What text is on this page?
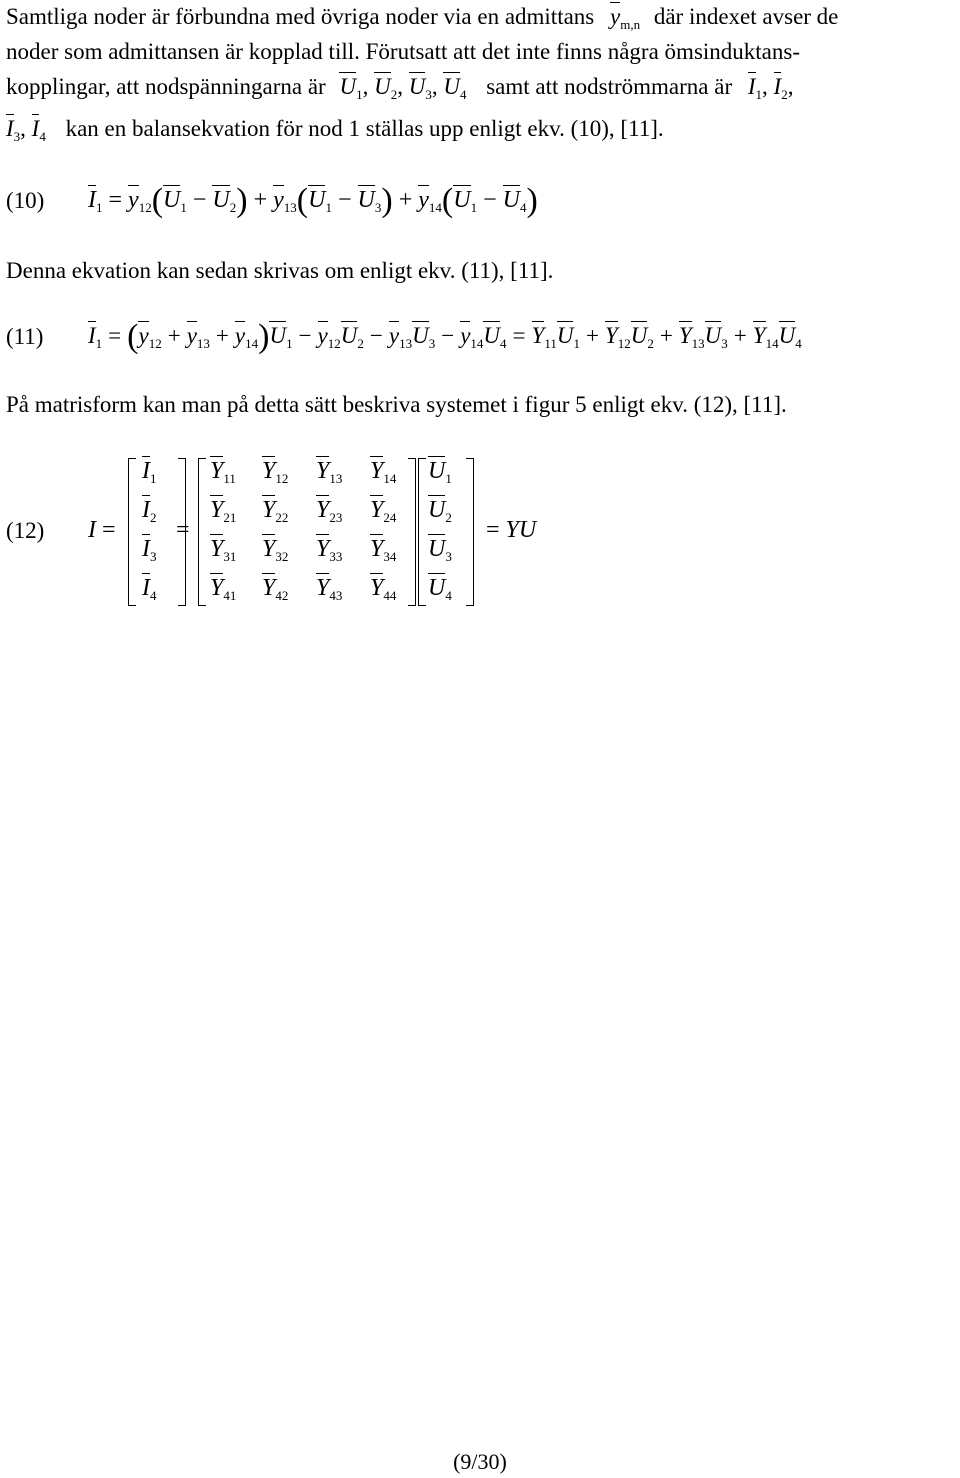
Samtliga noder är förbundna med övriga noder via en admittans $y_{m,n}$ där indexet avser de
noder som admittansen är kopplad till. Förutsatt att det inte finns några ömsinduktans-
kopplingar, att nodspänningarna är $U_1$, $U_2$, $U_3$, $U_4$ samt att nodströmmarna är $I_1$, $I_2$,
$I_3$, $I_4$ kan en balansekvation för nod 1 ställas upp enligt ekv. (10), [11].
(10) $I_1 = y_{12}(U_1 - U_2) + y_{13}(U_1 - U_3) + y_{14}(U_1 - U_4)$
Denna ekvation kan sedan skrivas om enligt ekv. (11), [11].
(11) $I_1 = (y_{12} + y_{13} + y_{14})U_1 - y_{12}U_2 - y_{13}U_3 - y_{14}U_4 = Y_{11}U_1 + Y_{12}U_2 + Y_{13}U_3 + Y_{14}U_4$
På matrisform kan man på detta sätt beskriva systemet i figur 5 enligt ekv. (12), [11].
(12) I =
$I_1$
$I_2$
$I_3$
$I_4$
=
$Y_{11}$ $Y_{12}$ $Y_{13}$ $Y_{14}$
$Y_{21}$ $Y_{22}$ $Y_{23}$ $Y_{24}$
$Y_{31}$ $Y_{32}$ $Y_{33}$ $Y_{34}$
$Y_{41}$ $Y_{42}$ $Y_{43}$ $Y_{44}$
$U_1$
$U_2$
$U_3$
$U_4$
= YU
(9/30)
